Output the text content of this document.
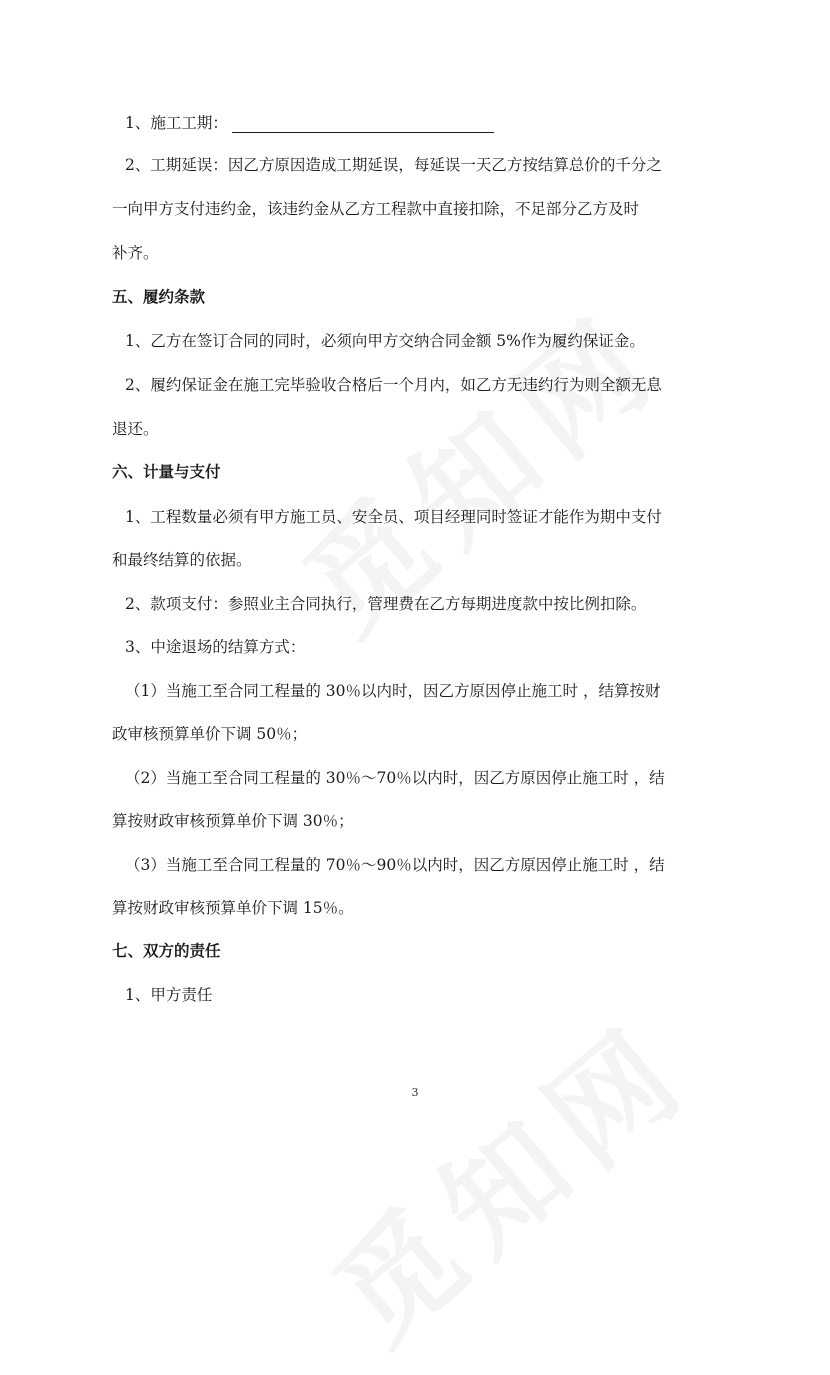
1、施工工期：
2、工期延误：因乙方原因造成工期延误，每延误一天乙方按结算总价的千分之
一向甲方支付违约金，该违约金从乙方工程款中直接扣除，不足部分乙方及时
补齐。
五、履约条款
1、乙方在签订合同的同时，必须向甲方交纳合同金额 5%作为履约保证金。
2、履约保证金在施工完毕验收合格后一个月内，如乙方无违约行为则全额无息
退还。
六、计量与支付
1、工程数量必须有甲方施工员、安全员、项目经理同时签证才能作为期中支付
和最终结算的依据。
2、款项支付：参照业主合同执行，管理费在乙方每期进度款中按比例扣除。
3、中途退场的结算方式：
（1）当施工至合同工程量的 30％以内时，因乙方原因停止施工时 ，结算按财
政审核预算单价下调 50％；
（2）当施工至合同工程量的 30％～70％以内时，因乙方原因停止施工时 ，结
算按财政审核预算单价下调 30％；
（3）当施工至合同工程量的 70％～90％以内时，因乙方原因停止施工时 ，结
算按财政审核预算单价下调 15％。
七、双方的责任
1、甲方责任
3
